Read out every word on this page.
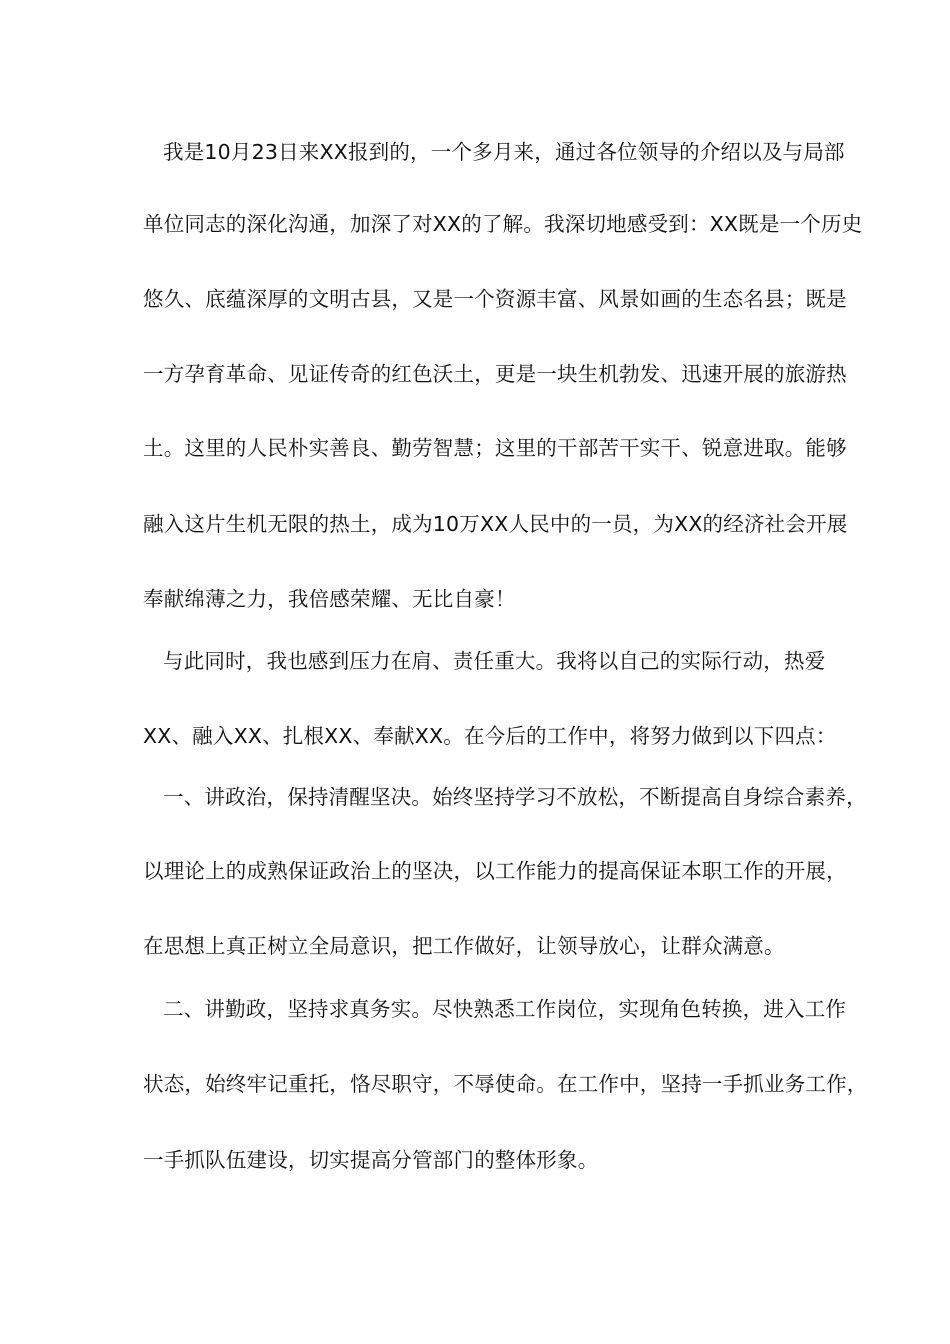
我是10月23日来XX报到的，一个多月来，通过各位领导的介绍以及与局部
单位同志的深化沟通，加深了对XX的了解。我深切地感受到：XX既是一个历史
悠久、底蕴深厚的文明古县，又是一个资源丰富、风景如画的生态名县；既是
一方孕育革命、见证传奇的红色沃土，更是一块生机勃发、迅速开展的旅游热
土。这里的人民朴实善良、勤劳智慧；这里的干部苦干实干、锐意进取。能够
融入这片生机无限的热土，成为10万XX人民中的一员，为XX的经济社会开展
奉献绵薄之力，我倍感荣耀、无比自豪！
与此同时，我也感到压力在肩、责任重大。我将以自己的实际行动，热爱
XX、融入XX、扎根XX、奉献XX。在今后的工作中，将努力做到以下四点：
一、讲政治，保持清醒坚决。始终坚持学习不放松，不断提高自身综合素养，
以理论上的成熟保证政治上的坚决，以工作能力的提高保证本职工作的开展，
在思想上真正树立全局意识，把工作做好，让领导放心，让群众满意。
二、讲勤政，坚持求真务实。尽快熟悉工作岗位，实现角色转换，进入工作
状态，始终牢记重托，恪尽职守，不辱使命。在工作中，坚持一手抓业务工作，
一手抓队伍建设，切实提高分管部门的整体形象。
